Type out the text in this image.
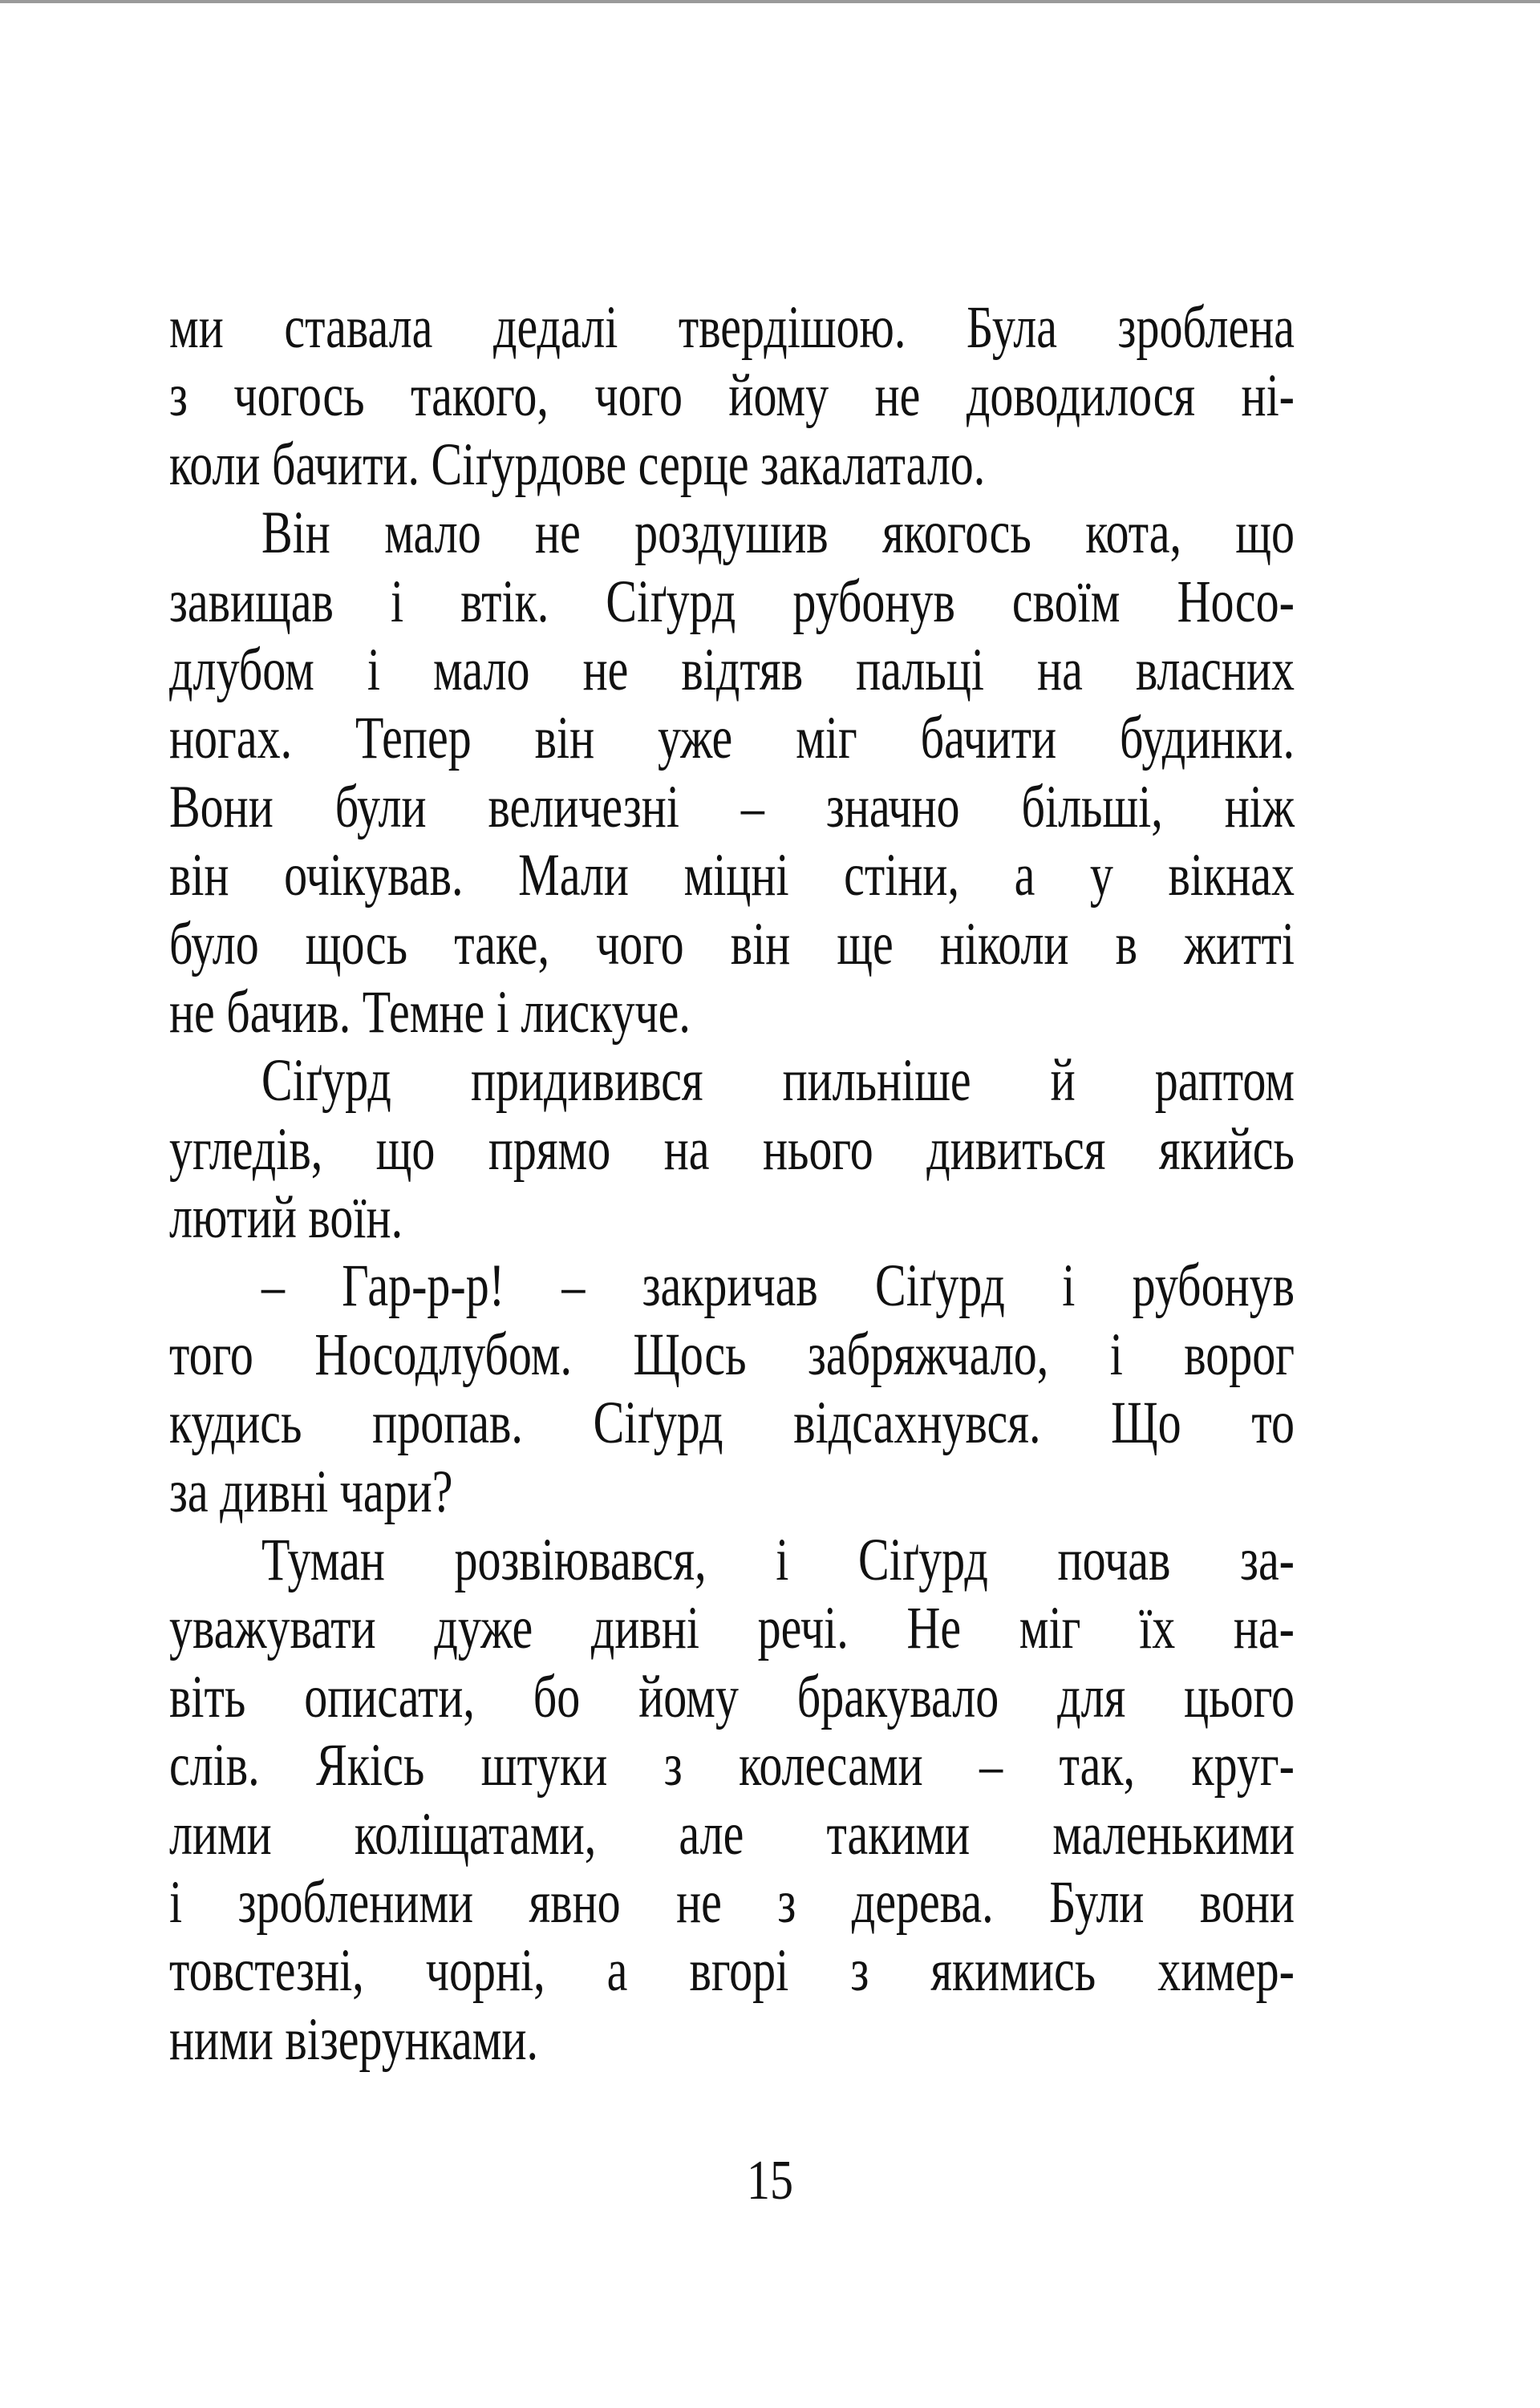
ми ставала дедалі твердішою. Була зроблена
з чогось такого, чого йому не доводилося ні-
коли бачити. Сіґурдове серце закалатало.
Він мало не роздушив якогось кота, що
завищав і втік. Сіґурд рубонув своїм Носо-
длубом і мало не відтяв пальці на власних
ногах. Тепер він уже міг бачити будинки.
Вони були величезні – значно більші, ніж
він очікував. Мали міцні стіни, а у вікнах
було щось таке, чого він ще ніколи в житті
не бачив. Темне і лискуче.
Сіґурд придивився пильніше й раптом
угледів, що прямо на нього дивиться якийсь
лютий воїн.
– Гар-р-р! – закричав Сіґурд і рубонув
того Носодлубом. Щось забряжчало, і ворог
кудись пропав. Сіґурд відсахнувся. Що то
за дивні чари?
Туман розвіювався, і Сіґурд почав за-
уважувати дуже дивні речі. Не міг їх на-
віть описати, бо йому бракувало для цього
слів. Якісь штуки з колесами – так, круг-
лими коліщатами, але такими маленькими
і зробленими явно не з дерева. Були вони
товстезні, чорні, а вгорі з якимись химер-
ними візерунками.
15
